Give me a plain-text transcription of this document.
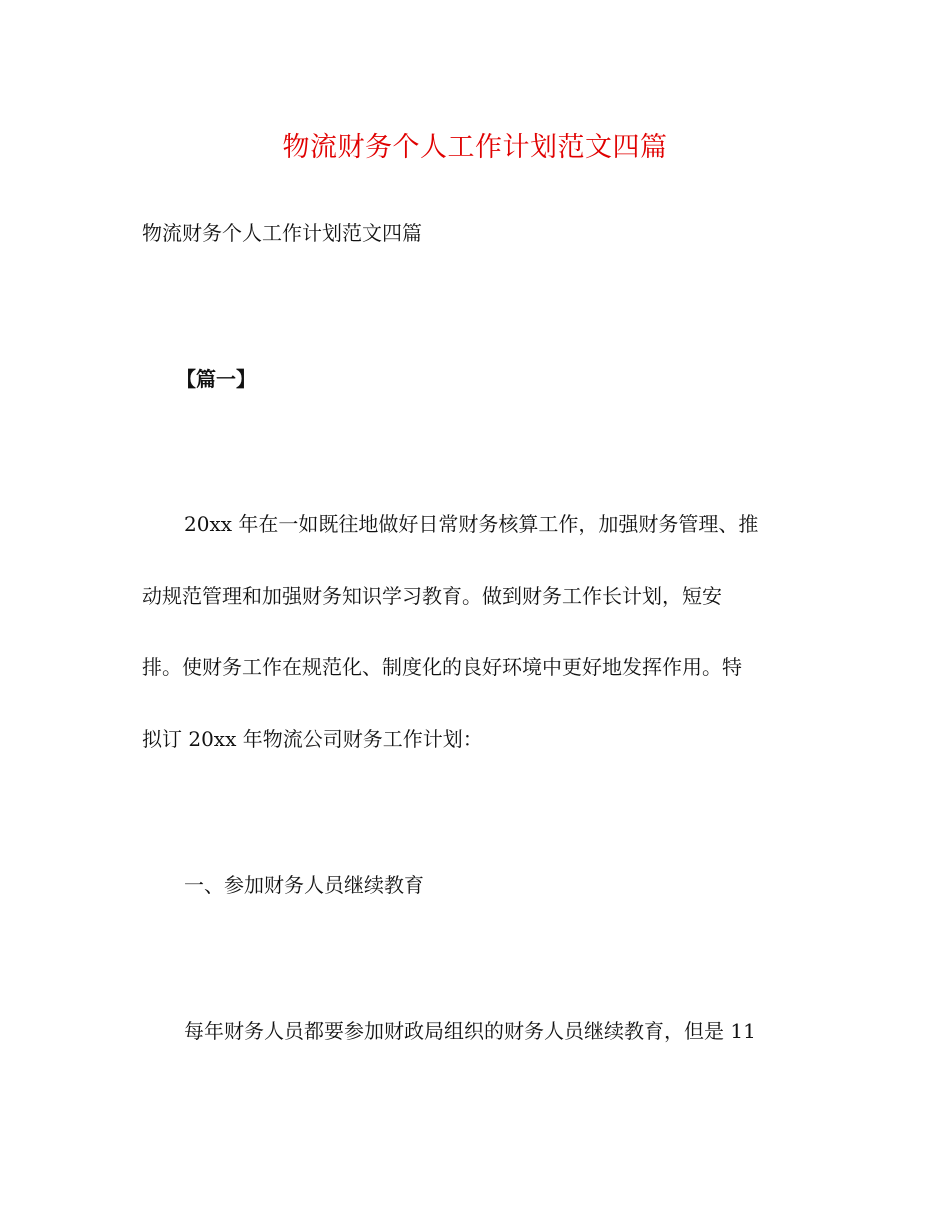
物流财务个人工作计划范文四篇
物流财务个人工作计划范文四篇
【篇一】
20xx 年在一如既往地做好日常财务核算工作，加强财务管理、推
动规范管理和加强财务知识学习教育。做到财务工作长计划，短安
排。使财务工作在规范化、制度化的良好环境中更好地发挥作用。特
拟订 20xx 年物流公司财务工作计划：
一、参加财务人员继续教育
每年财务人员都要参加财政局组织的财务人员继续教育，但是 11
